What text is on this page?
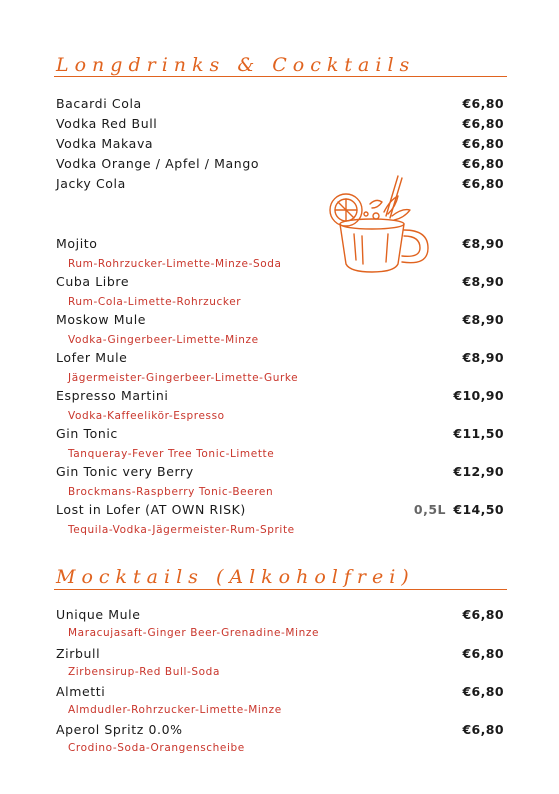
Longdrinks & Cocktails
Bacardi Cola	€6,80
Vodka Red Bull	€6,80
Vodka Makava	€6,80
Vodka Orange / Apfel / Mango	€6,80
Jacky Cola	€6,80
Mojito	€8,90
Rum-Rohrzucker-Limette-Minze-Soda
Cuba Libre	€8,90
Rum-Cola-Limette-Rohrzucker
Moskow Mule	€8,90
Vodka-Gingerbeer-Limette-Minze
Lofer Mule	€8,90
Jägermeister-Gingerbeer-Limette-Gurke
Espresso Martini	€10,90
Vodka-Kaffeelikör-Espresso
Gin Tonic	€11,50
Tanqueray-Fever Tree Tonic-Limette
Gin Tonic very Berry	€12,90
Brockmans-Raspberry Tonic-Beeren
Lost in Lofer (AT OWN RISK)	0,5L €14,50
Tequila-Vodka-Jägermeister-Rum-Sprite
Mocktails (Alkoholfrei)
Unique Mule	€6,80
Maracujasaft-Ginger Beer-Grenadine-Minze
Zirbull	€6,80
Zirbensirup-Red Bull-Soda
Almetti	€6,80
Almdudler-Rohrzucker-Limette-Minze
Aperol Spritz 0.0%	€6,80
Crodino-Soda-Orangenscheibe
